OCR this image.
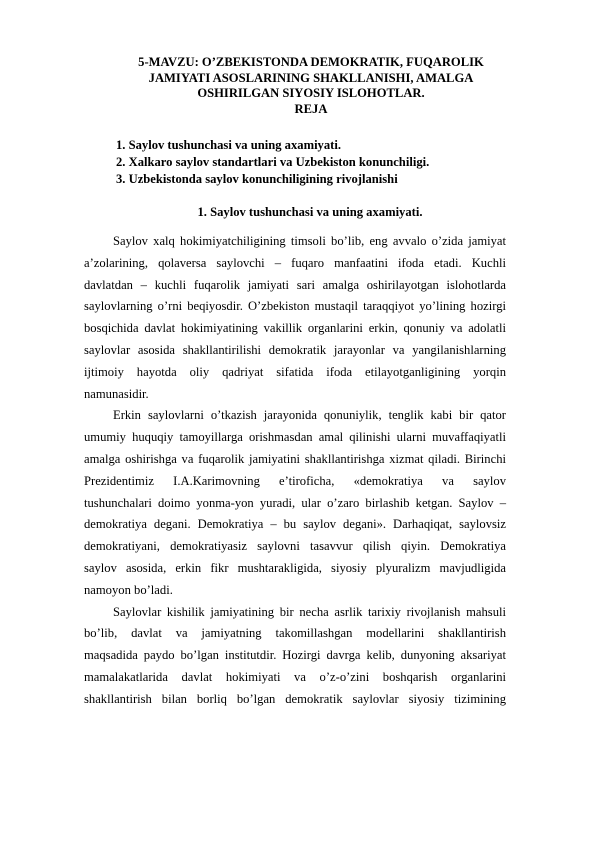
5-MAVZU: O’ZBEKISTONDA DEMOKRATIK, FUQAROLIK
JAMIYATI ASOSLARINING SHAKLLANISHI, AMALGA
OSHIRILGAN SIYOSIY ISLOHOTLAR.
REJA
1. Saylov tushunchasi va uning axamiyati.
2. Xalkaro saylov standartlari va Uzbekiston konunchiligi.
3. Uzbekistonda saylov konunchiligining rivojlanishi
1. Saylov tushunchasi va uning axamiyati.
Saylov xalq hokimiyatchiligining timsoli bo’lib, eng avvalo o’zida jamiyat
a’zolarining, qolaversa saylovchi – fuqaro manfaatini ifoda etadi. Kuchli
davlatdan – kuchli fuqarolik jamiyati sari amalga oshirilayotgan islohotlarda
saylovlarning o’rni beqiyosdir. O’zbekiston mustaqil taraqqiyot yo’lining hozirgi
bosqichida davlat hokimiyatining vakillik organlarini erkin, qonuniy va adolatli
saylovlar asosida shakllantirilishi demokratik jarayonlar va yangilanishlarning
ijtimoiy hayotda oliy qadriyat sifatida ifoda etilayotganligining yorqin
namunasidir.
Erkin saylovlarni o’tkazish jarayonida qonuniylik, tenglik kabi bir qator
umumiy huquqiy tamoyillarga orishmasdan amal qilinishi ularni muvaffaqiyatli
amalga oshirishga va fuqarolik jamiyatini shakllantirishga xizmat qiladi. Birinchi
Prezidentimiz I.A.Karimovning e’tiroficha, «demokratiya va saylov
tushunchalari doimo yonma-yon yuradi, ular o’zaro birlashib ketgan. Saylov –
demokratiya degani. Demokratiya – bu saylov degani». Darhaqiqat, saylovsiz
demokratiyani, demokratiyasiz saylovni tasavvur qilish qiyin. Demokratiya
saylov asosida, erkin fikr mushtarakligida, siyosiy plyuralizm mavjudligida
namoyon bo’ladi.
Saylovlar kishilik jamiyatining bir necha asrlik tarixiy rivojlanish mahsuli
bo’lib, davlat va jamiyatning takomillashgan modellarini shakllantirish
maqsadida paydo bo’lgan institutdir. Hozirgi davrga kelib, dunyoning aksariyat
mamalakatlarida davlat hokimiyati va o’z-o’zini boshqarish organlarini
shakllantirish bilan borliq bo’lgan demokratik saylovlar siyosiy tizimining
